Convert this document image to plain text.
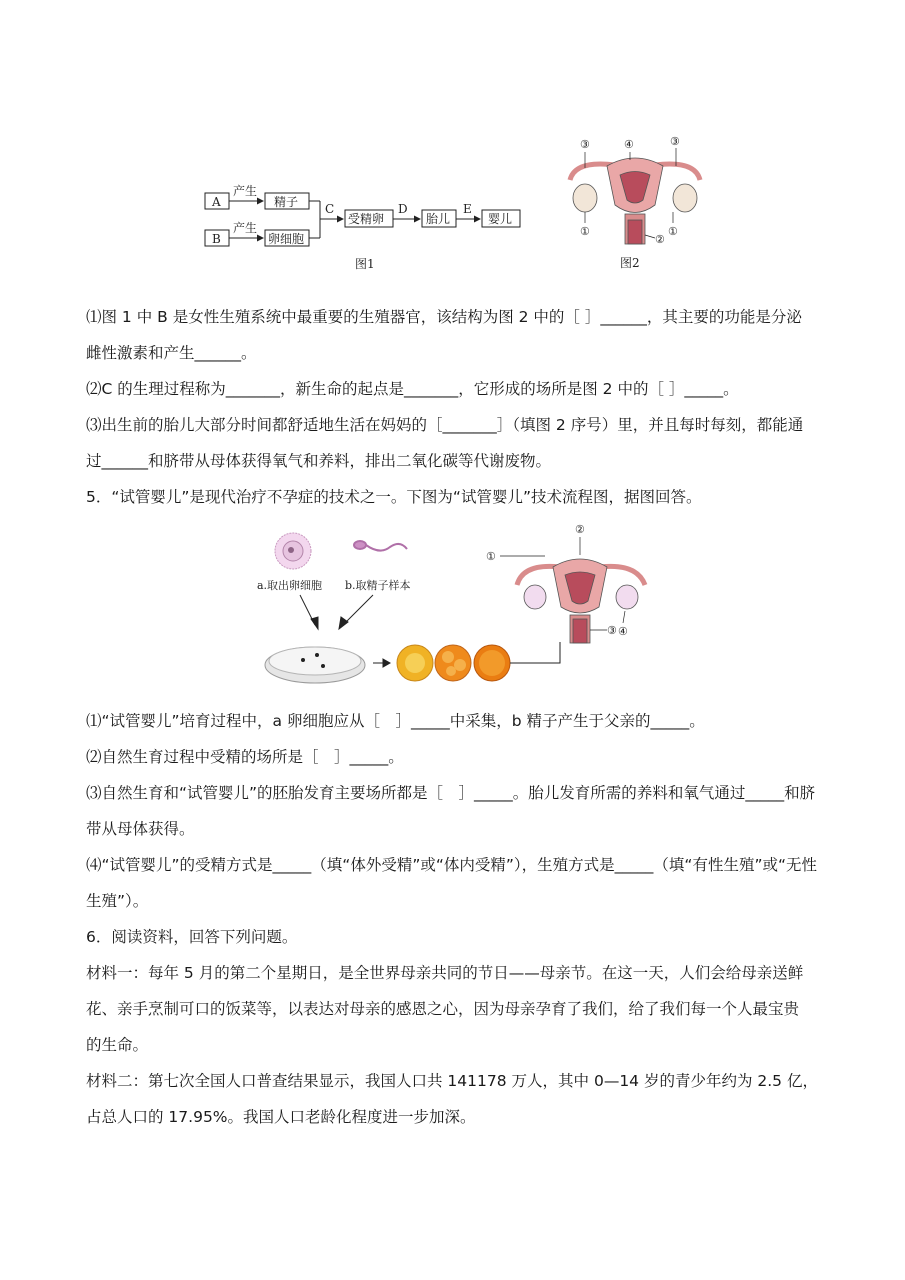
A
B
产生
产生
精子
卵细胞
受精卵	胎儿	婴儿
C	D	E
图1
③	④	③
①	①
②
图2
a.取出卵细胞 b.取精子样本
①
②
④
③
⑴图 1 中 B 是女性生殖系统中最重要的生殖器官，该结构为图 2 中的［ ］______，其主要的功能是分泌
雌性激素和产生______。
⑵C 的生理过程称为_______，新生命的起点是_______，它形成的场所是图 2 中的［ ］_____。
⑶出生前的胎儿大部分时间都舒适地生活在妈妈的［_______］（填图 2 序号）里，并且每时每刻，都能通
过______和脐带从母体获得氧气和养料，排出二氧化碳等代谢废物。
5．“试管婴儿”是现代治疗不孕症的技术之一。下图为“试管婴儿”技术流程图，据图回答。
⑴“试管婴儿”培育过程中，a 卵细胞应从［　］_____中采集，b 精子产生于父亲的_____。
⑵自然生育过程中受精的场所是［　］_____。
⑶自然生育和“试管婴儿”的胚胎发育主要场所都是［　］_____。胎儿发育所需的养料和氧气通过_____和脐
带从母体获得。
⑷“试管婴儿”的受精方式是_____（填“体外受精”或“体内受精”），生殖方式是_____（填“有性生殖”或“无性
生殖”）。
6．阅读资料，回答下列问题。
材料一：每年 5 月的第二个星期日，是全世界母亲共同的节日——母亲节。在这一天，人们会给母亲送鲜
花、亲手烹制可口的饭菜等，以表达对母亲的感恩之心，因为母亲孕育了我们，给了我们每一个人最宝贵
的生命。
材料二：第七次全国人口普查结果显示，我国人口共 141178 万人，其中 0—14 岁的青少年约为 2.5 亿，
占总人口的 17.95%。我国人口老龄化程度进一步加深。
